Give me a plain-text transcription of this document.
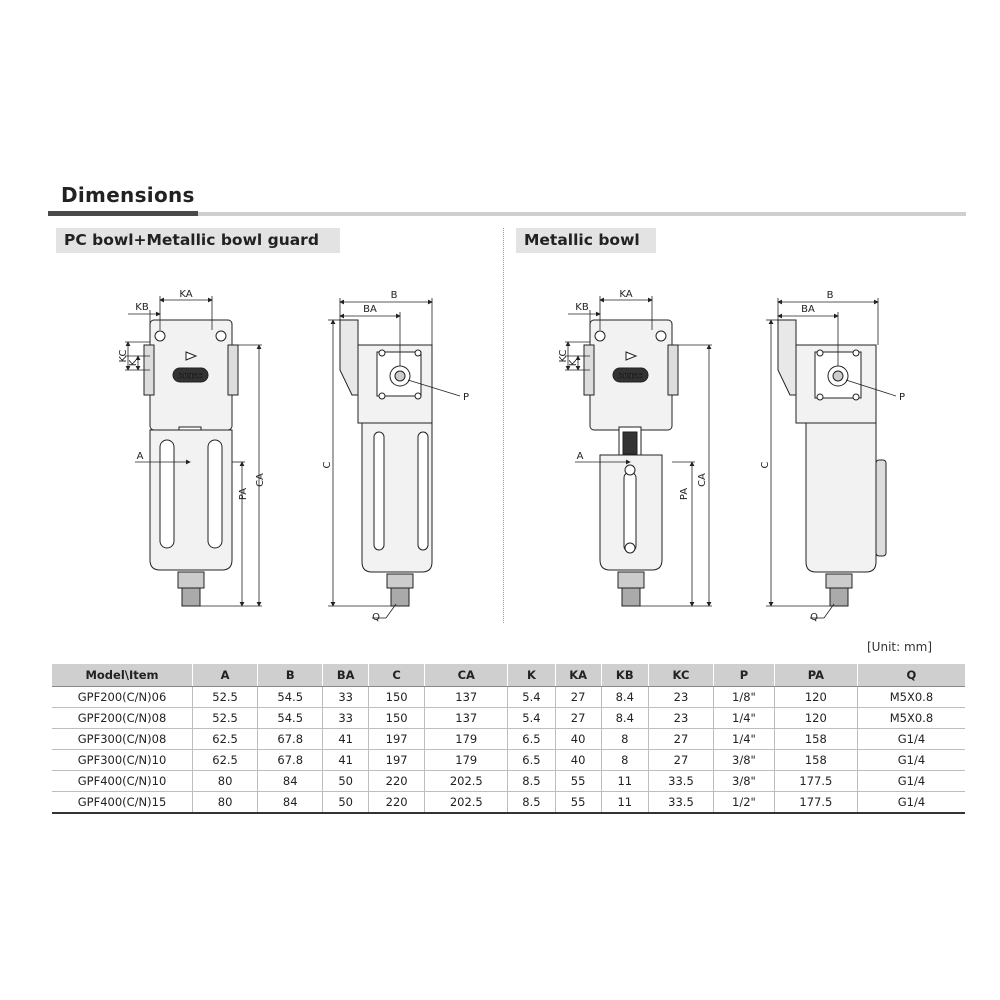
Dimensions
PC bowl+Metallic bowl guard	Metallic bowl
AIRTAC
KA
KB
KC
K
A
PA
CA
B
BA
C
P
Q
AIRTAC
KA
KB
KC
K
A
PA
CA
B
BA
C
P
Q
[Unit: mm]
Model\Item	A	B	BA	C	CA	K	KA	KB	KC	P	PA	Q
GPF200(C/N)06	52.5	54.5	33	150	137	5.4	27	8.4	23	1/8"	120	M5X0.8
GPF200(C/N)08	52.5	54.5	33	150	137	5.4	27	8.4	23	1/4"	120	M5X0.8
GPF300(C/N)08	62.5	67.8	41	197	179	6.5	40	8	27	1/4"	158	G1/4
GPF300(C/N)10	62.5	67.8	41	197	179	6.5	40	8	27	3/8"	158	G1/4
GPF400(C/N)10	80	84	50	220	202.5	8.5	55	11	33.5	3/8"	177.5	G1/4
GPF400(C/N)15	80	84	50	220	202.5	8.5	55	11	33.5	1/2"	177.5	G1/4
